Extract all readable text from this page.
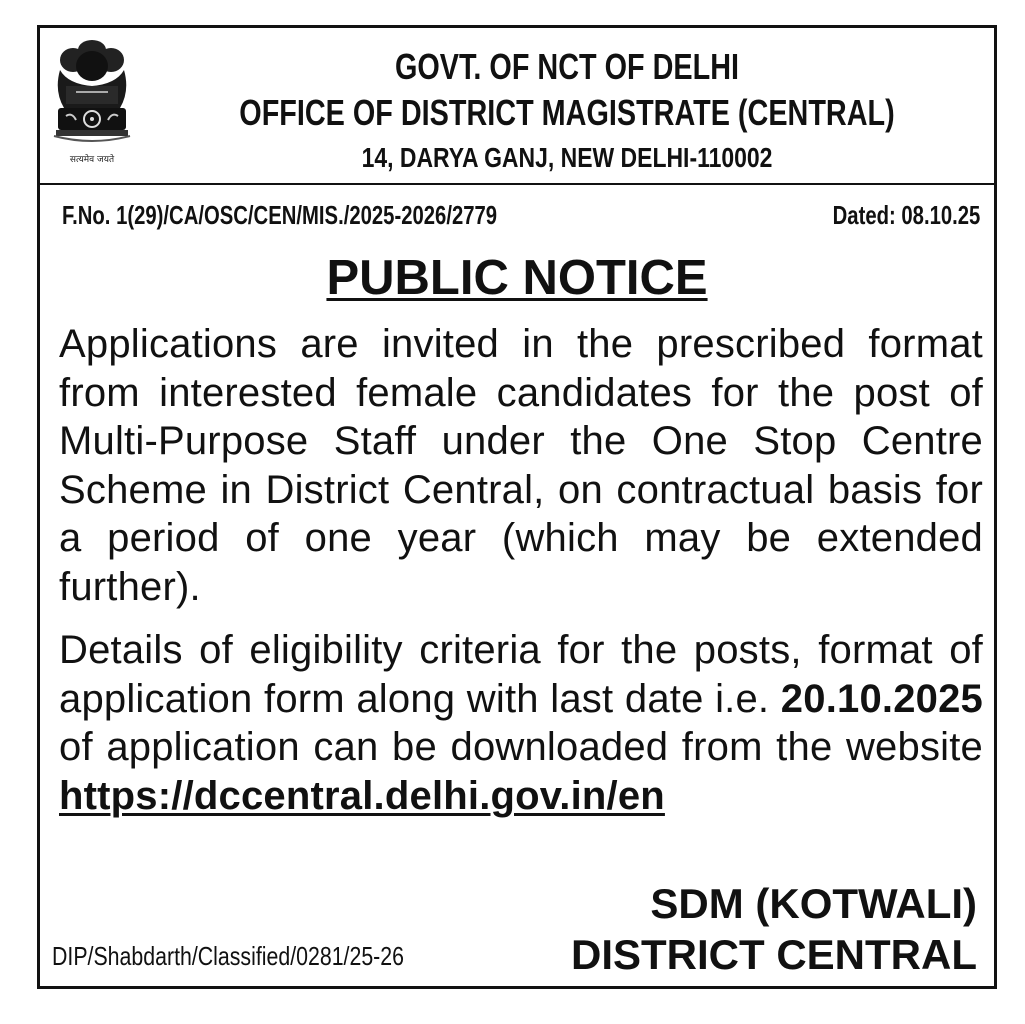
सत्यमेव जयते
GOVT. OF NCT OF DELHI
OFFICE OF DISTRICT MAGISTRATE (CENTRAL)
14, DARYA GANJ, NEW DELHI-110002
F.No. 1(29)/CA/OSC/CEN/MIS./2025-2026/2779	Dated: 08.10.25
PUBLIC NOTICE
Applications are invited in the prescribed format from interested female candidates for the post of Multi-Purpose Staff under the One Stop Centre Scheme in District Central, on contractual basis for a period of one year (which may be extended further).
Details of eligibility criteria for the posts, format of application form along with last date i.e. 20.10.2025 of application can be downloaded from the website https://dccentral.delhi.gov.in/en
SDM (KOTWALI)
DISTRICT CENTRAL
DIP/Shabdarth/Classified/0281/25-26
